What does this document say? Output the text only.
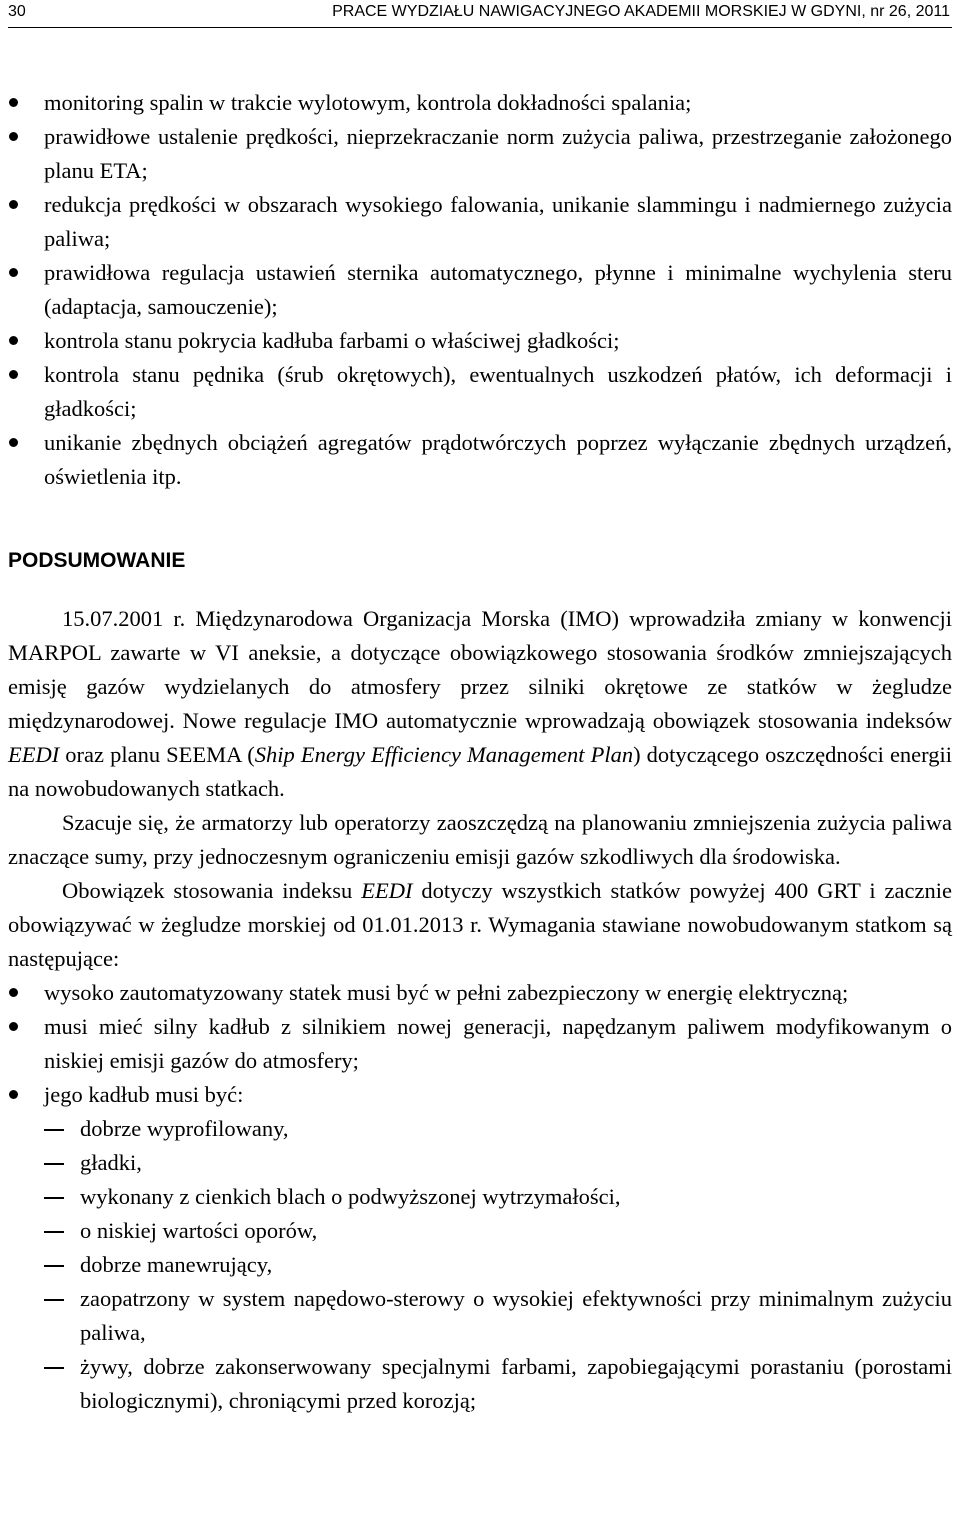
30	PRACE WYDZIAŁU NAWIGACYJNEGO AKADEMII MORSKIEJ W GDYNI, nr 26, 2011
monitoring spalin w trakcie wylotowym, kontrola dokładności spalania;
prawidłowe ustalenie prędkości, nieprzekraczanie norm zużycia paliwa, przestrzeganie założonego planu ETA;
redukcja prędkości w obszarach wysokiego falowania, unikanie slammingu i nadmiernego zużycia paliwa;
prawidłowa regulacja ustawień sternika automatycznego, płynne i minimalne wychylenia steru (adaptacja, samouczenie);
kontrola stanu pokrycia kadłuba farbami o właściwej gładkości;
kontrola stanu pędnika (śrub okrętowych), ewentualnych uszkodzeń płatów, ich deformacji i gładkości;
unikanie zbędnych obciążeń agregatów prądotwórczych poprzez wyłączanie zbędnych urządzeń, oświetlenia itp.
PODSUMOWANIE

15.07.2001 r. Międzynarodowa Organizacja Morska (IMO) wprowadziła zmiany w konwencji MARPOL zawarte w VI aneksie, a dotyczące obowiązkowego stosowania środków zmniejszających emisję gazów wydzielanych do atmosfery przez silniki okrętowe ze statków w żegludze międzynarodowej. Nowe regulacje IMO automatycznie wprowadzają obowiązek stosowania indeksów EEDI oraz planu SEEMA (Ship Energy Efficiency Management Plan) dotyczącego oszczędności energii na nowobudowanych statkach.

Szacuje się, że armatorzy lub operatorzy zaoszczędzą na planowaniu zmniejszenia zużycia paliwa znaczące sumy, przy jednoczesnym ograniczeniu emisji gazów szkodliwych dla środowiska.

Obowiązek stosowania indeksu EEDI dotyczy wszystkich statków powyżej 400 GRT i zacznie obowiązywać w żegludze morskiej od 01.01.2013 r. Wymagania stawiane nowobudowanym statkom są następujące:

wysoko zautomatyzowany statek musi być w pełni zabezpieczony w energię elektryczną;
musi mieć silny kadłub z silnikiem nowej generacji, napędzanym paliwem modyfikowanym o niskiej emisji gazów do atmosfery;
jego kadłub musi być:
dobrze wyprofilowany,
gładki,
wykonany z cienkich blach o podwyższonej wytrzymałości,
o niskiej wartości oporów,
dobrze manewrujący,
zaopatrzony w system napędowo-sterowy o wysokiej efektywności przy minimalnym zużyciu paliwa,
żywy, dobrze zakonserwowany specjalnymi farbami, zapobiegającymi porastaniu (porostami biologicznymi), chroniącymi przed korozją;
